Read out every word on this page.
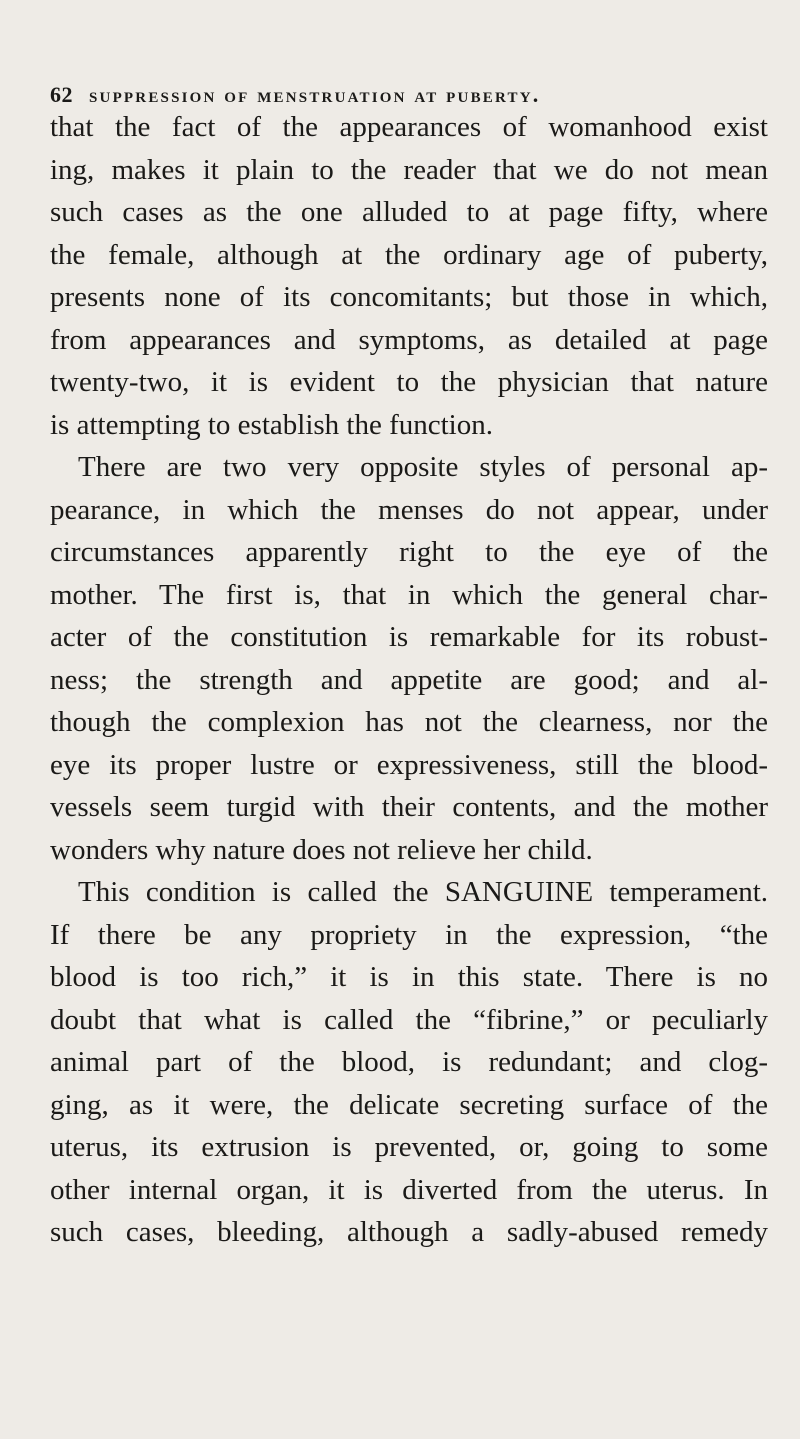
62 suppression of menstruation at puberty.
that the fact of the appearances of womanhood exist
ing, makes it plain to the reader that we do not mean
such cases as the one alluded to at page fifty, where
the female, although at the ordinary age of puberty,
presents none of its concomitants; but those in which,
from appearances and symptoms, as detailed at page
twenty-two, it is evident to the physician that nature
is attempting to establish the function.
There are two very opposite styles of personal ap-
pearance, in which the menses do not appear, under
circumstances apparently right to the eye of the
mother. The first is, that in which the general char-
acter of the constitution is remarkable for its robust-
ness; the strength and appetite are good; and al-
though the complexion has not the clearness, nor the
eye its proper lustre or expressiveness, still the blood-
vessels seem turgid with their contents, and the mother
wonders why nature does not relieve her child.
This condition is called the SANGUINE temperament.
If there be any propriety in the expression, “the
blood is too rich,” it is in this state. There is no
doubt that what is called the “fibrine,” or peculiarly
animal part of the blood, is redundant; and clog-
ging, as it were, the delicate secreting surface of the
uterus, its extrusion is prevented, or, going to some
other internal organ, it is diverted from the uterus. In
such cases, bleeding, although a sadly-abused remedy
